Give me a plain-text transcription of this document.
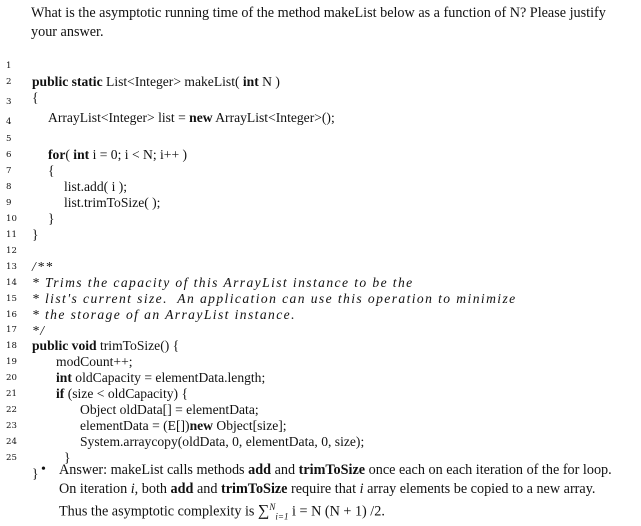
What is the asymptotic running time of the method makeList below as a function of N? Please justify
your answer.

1

public static List<Integer> makeList( int N )

2

{

3

ArrayList<Integer> list = new ArrayList<Integer>();

4

5

for( int i = 0; i < N; i++ )

6

{

7

list.add( i );

8

list.trimToSize( );

9

}

10

}

11

12

/**

13

* Trims the capacity of this ArrayList instance to be the

14

* list's current size.  An application can use this operation to minimize

15

* the storage of an ArrayList instance.

16

*/

17

public void trimToSize() {

18

modCount++;

19

int oldCapacity = elementData.length;

20

if (size < oldCapacity) {

21

Object oldData[] = elementData;

22

elementData = (E[])new Object[size];

23

System.arraycopy(oldData, 0, elementData, 0, size);

24

}

25

}

• Answer: makeList calls methods add and trimToSize once each on each iteration of the for loop. On iteration i, both add and trimToSize require that i array elements be copied to a new array. Thus the asymptotic complexity is ∑$^N_{i=1}$ i = N (N + 1) /2.
